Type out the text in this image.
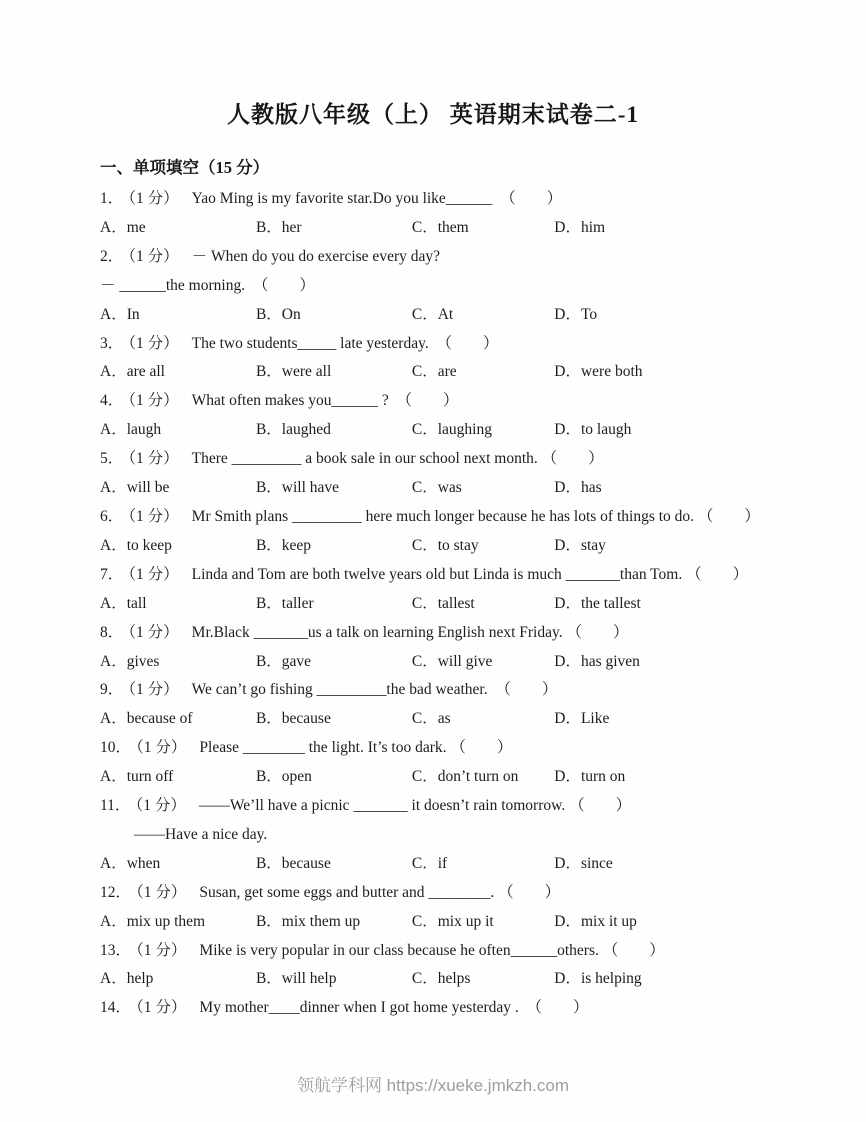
人教版八年级（上） 英语期末试卷二-1
一、单项填空（15 分）
1． （1 分） Yao Ming is my favorite star.Do you like______　（　　）
A．me	B．her	C．them	D．him
2． （1 分） － When do you do exercise every day?
－ ______the morning.　（　　）
A．In	B．On	C．At	D．To
3． （1 分） The two students_____ late yesterday.　（　　）
A．are all	B．were all	C．are	D．were both
4． （1 分） What often makes you______ ?　（　　）
A．laugh	B．laughed	C．laughing	D．to laugh
5． （1 分） There _________ a book sale in our school next month. （　　）
A．will be	B．will have	C．was	D．has
6． （1 分） Mr Smith plans _________ here much longer because he has lots of things to do. （　　）
A．to keep	B．keep	C．to stay	D．stay
7． （1 分） Linda and Tom are both twelve years old but Linda is much _______than Tom. （　　）
A．tall	B．taller	C．tallest	D．the tallest
8． （1 分） Mr.Black _______us a talk on learning English next Friday. （　　）
A．gives	B．gave	C．will give	D．has given
9． （1 分） We can’t go fishing _________the bad weather.　（　　）
A．because of	B．because	C．as	D．Like
10． （1 分） Please ________ the light. It’s too dark. （　　）
A．turn off	B．open	C．don’t turn on	D．turn on
11． （1 分） ——We’ll have a picnic _______ it doesn’t rain tomorrow. （　　）
——Have a nice day.
A．when	B．because	C．if	D．since
12． （1 分） Susan, get some eggs and butter and ________. （　　）
A．mix up them	B．mix them up	C．mix up it	D．mix it up
13． （1 分） Mike is very popular in our class because he often______others. （　　）
A．help	B．will help	C．helps	D．is helping
14． （1 分） My mother____dinner when I got home yesterday .　（　　）
领航学科网 https://xueke.jmkzh.com
